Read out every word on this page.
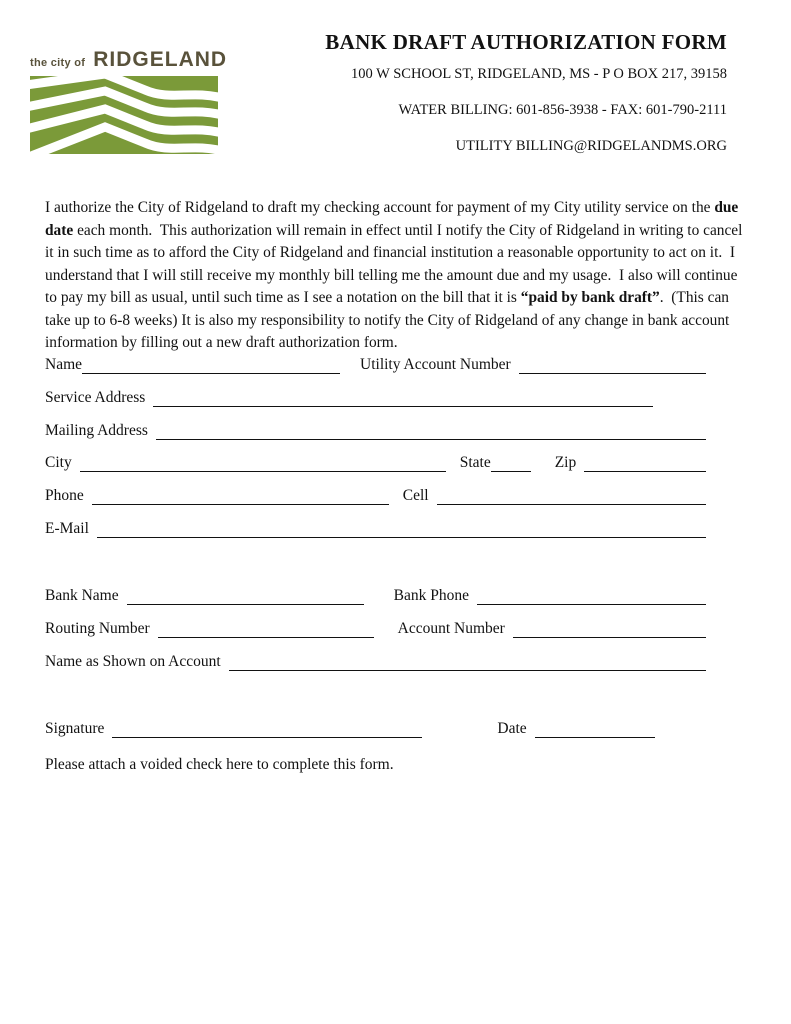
the city of RIDGELAND
BANK DRAFT AUTHORIZATION FORM
100 W SCHOOL ST, RIDGELAND, MS - P O BOX 217, 39158
WATER BILLING: 601-856-3938 - FAX: 601-790-2111
UTILITY BILLING@RIDGELANDMS.ORG

I authorize the City of Ridgeland to draft my checking account for payment of my City utility service on the due date each month.  This authorization will remain in effect until I notify the City of Ridgeland in writing to cancel it in such time as to afford the City of Ridgeland and financial institution a reasonable opportunity to act on it.  I understand that I will still receive my monthly bill telling me the amount due and my usage.  I also will continue to pay my bill as usual, until such time as I see a notation on the bill that it is “paid by bank draft”.  (This can take up to 6-8 weeks) It is also my responsibility to notify the City of Ridgeland of any change in bank account information by filling out a new draft authorization form.

Name	Utility Account Number
Service Address
Mailing Address
City	State	Zip
Phone	Cell
E-Mail
Bank Name	Bank Phone
Routing Number	Account Number
Name as Shown on Account
Signature	Date

Please attach a voided check here to complete this form.
